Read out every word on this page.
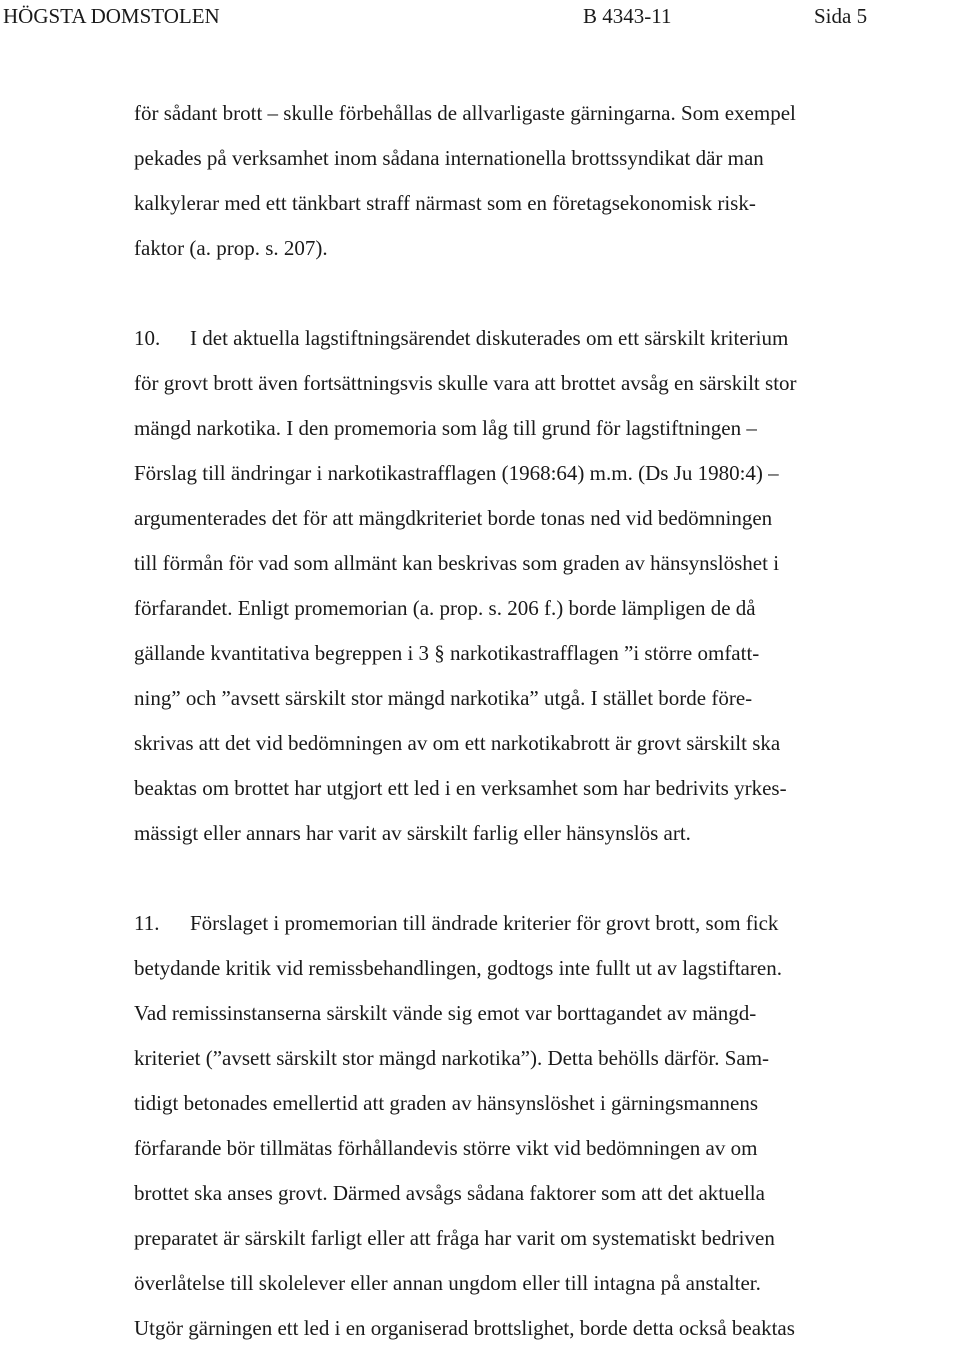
HÖGSTA DOMSTOLEN	B 4343-11	Sida 5
för sådant brott – skulle förbehållas de allvarligaste gärningarna. Som exempel
pekades på verksamhet inom sådana internationella brottssyndikat där man
kalkylerar med ett tänkbart straff närmast som en företagsekonomisk risk-
faktor (a. prop. s. 207).
10. I det aktuella lagstiftningsärendet diskuterades om ett särskilt kriterium
för grovt brott även fortsättningsvis skulle vara att brottet avsåg en särskilt stor
mängd narkotika. I den promemoria som låg till grund för lagstiftningen –
Förslag till ändringar i narkotikastrafflagen (1968:64) m.m. (Ds Ju 1980:4) –
argumenterades det för att mängdkriteriet borde tonas ned vid bedömningen
till förmån för vad som allmänt kan beskrivas som graden av hänsynslöshet i
förfarandet. Enligt promemorian (a. prop. s. 206 f.) borde lämpligen de då
gällande kvantitativa begreppen i 3 § narkotikastrafflagen ”i större omfatt-
ning” och ”avsett särskilt stor mängd narkotika” utgå. I stället borde före-
skrivas att det vid bedömningen av om ett narkotikabrott är grovt särskilt ska
beaktas om brottet har utgjort ett led i en verksamhet som har bedrivits yrkes-
mässigt eller annars har varit av särskilt farlig eller hänsynslös art.
11. Förslaget i promemorian till ändrade kriterier för grovt brott, som fick
betydande kritik vid remissbehandlingen, godtogs inte fullt ut av lagstiftaren.
Vad remissinstanserna särskilt vände sig emot var borttagandet av mängd-
kriteriet (”avsett särskilt stor mängd narkotika”). Detta behölls därför. Sam-
tidigt betonades emellertid att graden av hänsynslöshet i gärningsmannens
förfarande bör tillmätas förhållandevis större vikt vid bedömningen av om
brottet ska anses grovt. Därmed avsågs sådana faktorer som att det aktuella
preparatet är särskilt farligt eller att fråga har varit om systematiskt bedriven
överlåtelse till skolelever eller annan ungdom eller till intagna på anstalter.
Utgör gärningen ett led i en organiserad brottslighet, borde detta också beaktas
